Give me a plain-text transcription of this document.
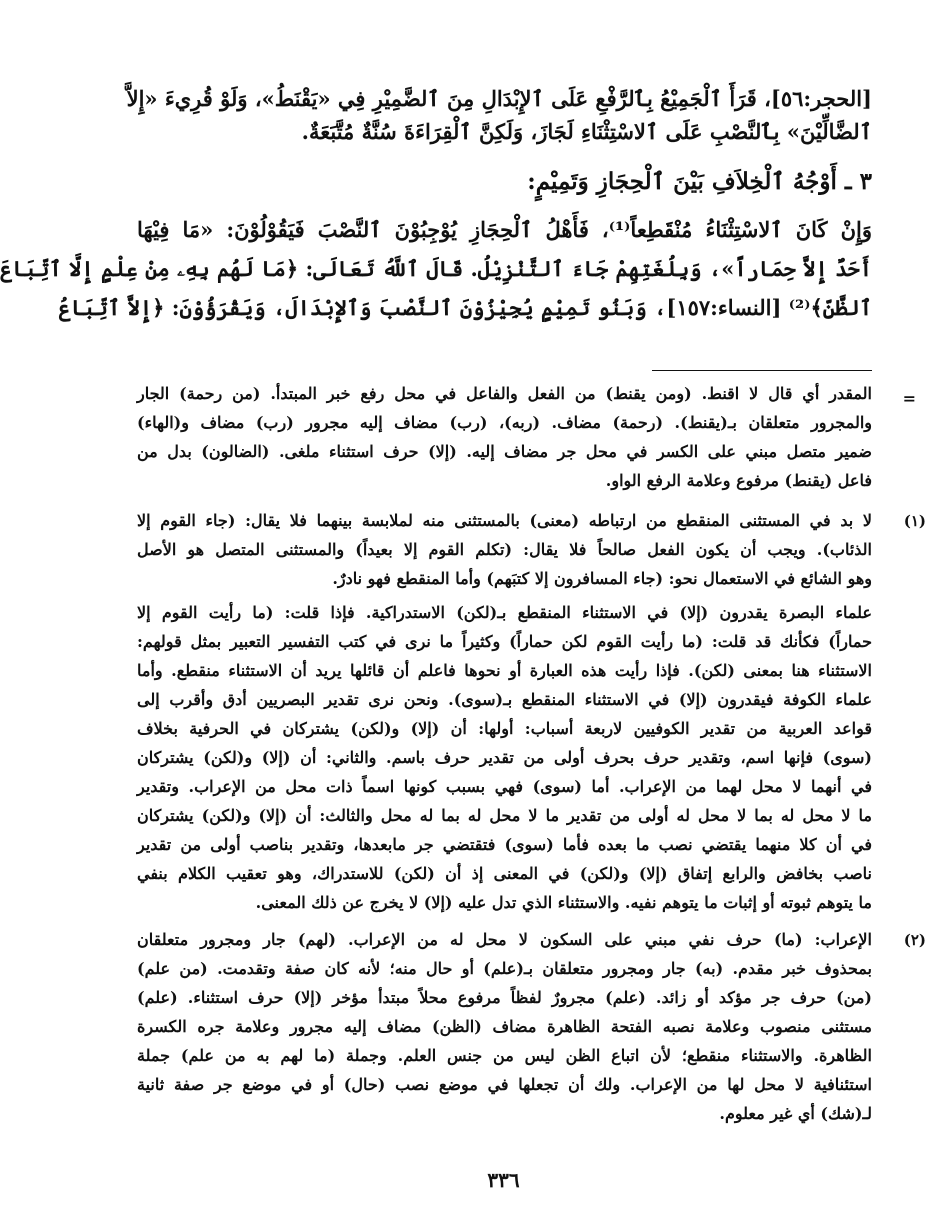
[الحجر:٥٦]، قَرَأَ ٱلْجَمِيْعُ بِٱلرَّفْعِ عَلَى ٱلإِبْدَالِ مِنَ ٱلضَّمِيْرِ فِي «يَقْنَطُ»، وَلَوْ قُرِيءَ «إِلاَّ
ٱلضَّالِّيْنَ» بِٱلنَّصْبِ عَلَى ٱلاسْتِثْنَاءِ لَجَازَ، وَلَكِنَّ ٱلْقِرَاءَةَ سُنَّةٌ مُتَّبَعَةٌ.
٣ ـ أَوْجُهُ ٱلْخِلاَفِ بَيْنَ ٱلْحِجَازِ وَتَمِيْمٍ:
وَإِنْ كَانَ ٱلاسْتِثْنَاءُ مُنْقَطِعاً⁽¹⁾، فَأَهْلُ ٱلْحِجَازِ يُوْجِبُوْنَ ٱلنَّصْبَ فَيَقُوْلُوْنَ: «مَا فِيْهَا
أَحَدٌ إِلاَّ حِمَاراً»، وَبِلُغَتِهِمْ جَاءَ ٱلتَّنْزِيْلُ. قَالَ ٱللَّهُ تَعَالَى: ﴿مَا لَهُم بِهِۦ مِنْ عِلْمٍ إِلَّا ٱتِّبَاعَ
ٱلظَّنِّ﴾⁽²⁾ [النساء:١٥٧]، وَبَنُو تَمِيْمٍ يُجِيْزُوْنَ ٱلنَّصْبَ وَٱلإِبْدَالَ، وَيَقْرَؤُوْنَ: ﴿إِلاَّ ٱتِّبَاعُ
=
المقدر أي قال لا اقنط. (ومن يقنط) من الفعل والفاعل في محل رفع خبر المبتدأ. (من رحمة) الجار
والمجرور متعلقان بـ(يقنط). (رحمة) مضاف. (ربه)، (رب) مضاف إليه مجرور (رب) مضاف و(الهاء)
ضمير متصل مبني على الكسر في محل جر مضاف إليه. (إلا) حرف استثناء ملغى. (الضالون) بدل من
فاعل (يقنط) مرفوع وعلامة الرفع الواو.
(١)
لا بد في المستثنى المنقطع من ارتباطه (معنى) بالمستثنى منه لملابسة بينهما فلا يقال: (جاء القوم إلا
الذئاب). ويجب أن يكون الفعل صالحاً فلا يقال: (تكلم القوم إلا بعيداً) والمستثنى المتصل هو الأصل
وهو الشائع في الاستعمال نحو: (جاء المسافرون إلا كتبَهم) وأما المنقطع فهو نادرٌ.
علماء البصرة يقدرون (إلا) في الاستثناء المنقطع بـ(لكن) الاستدراكية. فإذا قلت: (ما رأيت القوم إلا
حماراً) فكأنك قد قلت: (ما رأيت القوم لكن حماراً) وكثيراً ما نرى في كتب التفسير التعبير بمثل قولهم:
الاستثناء هنا بمعنى (لكن). فإذا رأيت هذه العبارة أو نحوها فاعلم أن قائلها يريد أن الاستثناء منقطع. وأما
علماء الكوفة فيقدرون (إلا) في الاستثناء المنقطع بـ(سوى). ونحن نرى تقدير البصريين أدق وأقرب إلى
قواعد العربية من تقدير الكوفيين لاربعة أسباب: أولها: أن (إلا) و(لكن) يشتركان في الحرفية بخلاف
(سوى) فإنها اسم، وتقدير حرف بحرف أولى من تقدير حرف باسم. والثاني: أن (إلا) و(لكن) يشتركان
في أنهما لا محل لهما من الإعراب. أما (سوى) فهي بسبب كونها اسماً ذات محل من الإعراب. وتقدير
ما لا محل له بما لا محل له أولى من تقدير ما لا محل له بما له محل والثالث: أن (إلا) و(لكن) يشتركان
في أن كلا منهما يقتضي نصب ما بعده فأما (سوى) فتقتضي جر مابعدها، وتقدير بناصب أولى من تقدير
ناصب بخافض والرابع إتفاق (إلا) و(لكن) في المعنى إذ أن (لكن) للاستدراك، وهو تعقيب الكلام بنفي
ما يتوهم ثبوته أو إثبات ما يتوهم نفيه. والاستثناء الذي تدل عليه (إلا) لا يخرج عن ذلك المعنى.
(٢)
الإعراب: (ما) حرف نفي مبني على السكون لا محل له من الإعراب. (لهم) جار ومجرور متعلقان
بمحذوف خبر مقدم. (به) جار ومجرور متعلقان بـ(علم) أو حال منه؛ لأنه كان صفة وتقدمت. (من علم)
(من) حرف جر مؤكد أو زائد. (علم) مجرورٌ لفظاً مرفوع محلاً مبتدأ مؤخر (إلا) حرف استثناء. (علم)
مستثنى منصوب وعلامة نصبه الفتحة الظاهرة مضاف (الظن) مضاف إليه مجرور وعلامة جره الكسرة
الظاهرة. والاستثناء منقطع؛ لأن اتباع الظن ليس من جنس العلم. وجملة (ما لهم به من علم) جملة
استئنافية لا محل لها من الإعراب. ولك أن تجعلها في موضع نصب (حال) أو في موضع جر صفة ثانية
لـ(شك) أي غير معلوم.
٣٣٦
